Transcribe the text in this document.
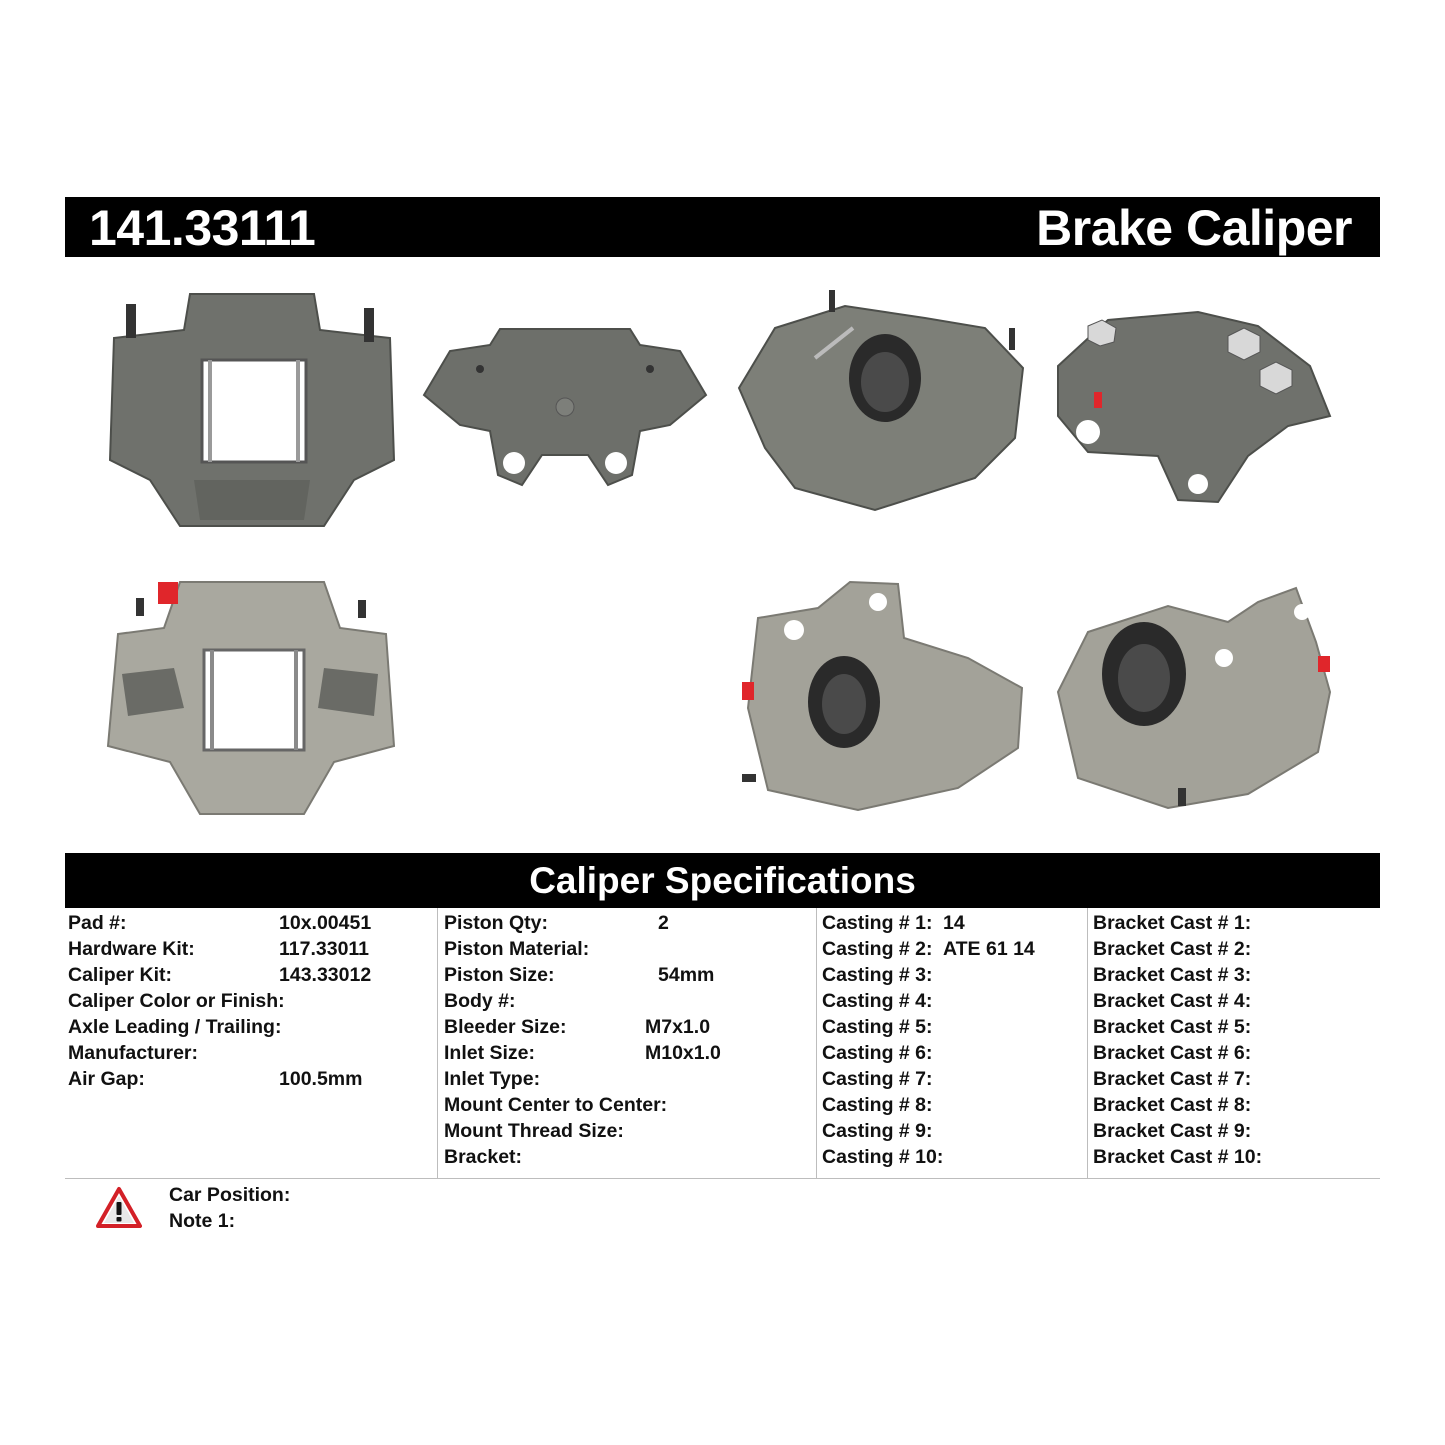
141.33111	Brake Caliper
Caliper Specifications
Pad #:	10x.00451
Hardware Kit:	117.33011
Caliper Kit:	143.33012
Caliper Color or Finish:
Axle Leading / Trailing:
Manufacturer:
Air Gap:	100.5mm
Piston Qty:	2
Piston Material:
Piston Size:	54mm
Body #:
Bleeder Size:	M7x1.0
Inlet Size:	M10x1.0
Inlet Type:
Mount Center to Center:
Mount Thread Size:
Bracket:
Casting # 1: 14
Casting # 2: ATE 61 14
Casting # 3:
Casting # 4:
Casting # 5:
Casting # 6:
Casting # 7:
Casting # 8:
Casting # 9:
Casting # 10:
Bracket Cast # 1:
Bracket Cast # 2:
Bracket Cast # 3:
Bracket Cast # 4:
Bracket Cast # 5:
Bracket Cast # 6:
Bracket Cast # 7:
Bracket Cast # 8:
Bracket Cast # 9:
Bracket Cast # 10:
Car Position:
Note 1:
